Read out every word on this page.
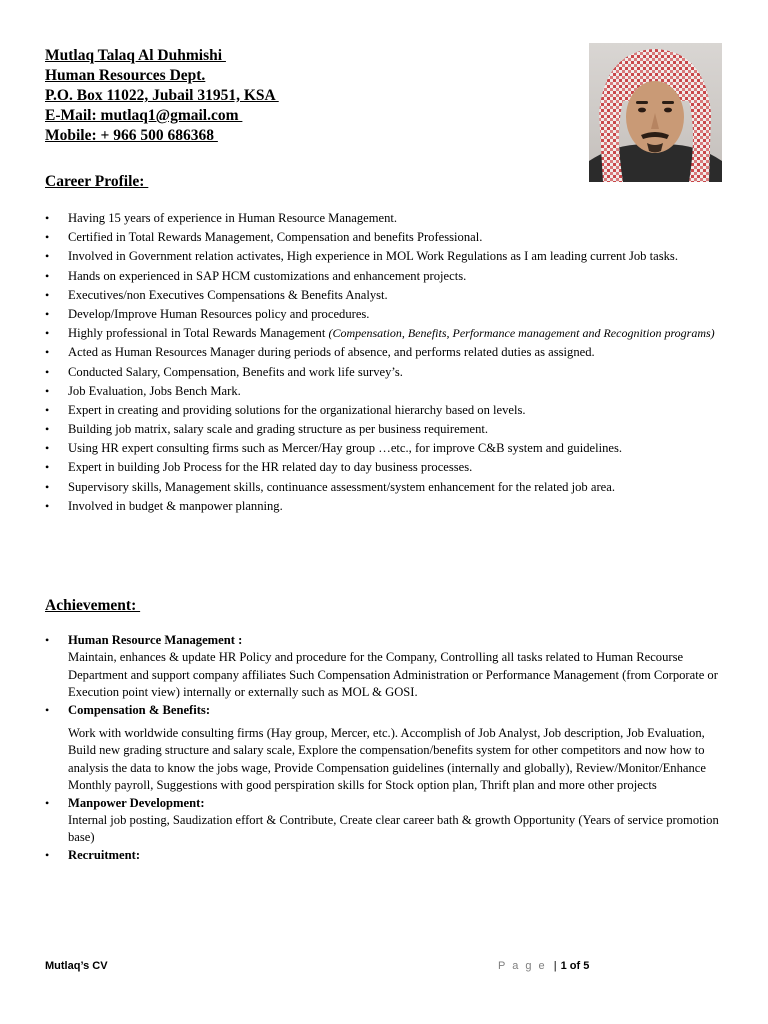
Mutlaq Talaq Al Duhmishi
Human Resources Dept.
P.O. Box 11022, Jubail 31951, KSA
E-Mail: mutlaq1@gmail.com
Mobile: + 966 500 686368
Career Profile:
• Having 15 years of experience in Human Resource Management.
• Certified in Total Rewards Management, Compensation and benefits Professional.
• Involved in Government relation activates, High experience in MOL Work Regulations as I am leading current Job tasks.
• Hands on experienced in SAP HCM customizations and enhancement projects.
• Executives/non Executives Compensations & Benefits Analyst.
• Develop/Improve Human Resources policy and procedures.
• Highly professional in Total Rewards Management (Compensation, Benefits, Performance management and Recognition programs)
• Acted as Human Resources Manager during periods of absence, and performs related duties as assigned.
• Conducted Salary, Compensation, Benefits and work life survey’s.
• Job Evaluation, Jobs Bench Mark.
• Expert in creating and providing solutions for the organizational hierarchy based on levels.
• Building job matrix, salary scale and grading structure as per business requirement.
• Using HR expert consulting firms such as Mercer/Hay group …etc., for improve C&B system and guidelines.
• Expert in building Job Process for the HR related day to day business processes.
• Supervisory skills, Management skills, continuance assessment/system enhancement for the related job area.
• Involved in budget & manpower planning.
Achievement:
• Human Resource Management :
Maintain, enhances & update HR Policy and procedure for the Company, Controlling all tasks related to Human Recourse Department and support company affiliates Such Compensation Administration or Performance Management (from Corporate or Execution point view) internally or externally such as MOL & GOSI.
• Compensation & Benefits:
Work with worldwide consulting firms (Hay group, Mercer, etc.). Accomplish of Job Analyst, Job description, Job Evaluation, Build new grading structure and salary scale, Explore the compensation/benefits system for other competitors and now how to analysis the data to know the jobs wage, Provide Compensation guidelines (internally and globally), Review/Monitor/Enhance Monthly payroll, Suggestions with good perspiration skills for Stock option plan, Thrift plan and more other projects
• Manpower Development:
Internal job posting, Saudization effort & Contribute, Create clear career bath & growth Opportunity (Years of service promotion base)
• Recruitment:
Mutlaq’s CV	P a g e | 1 of 5
